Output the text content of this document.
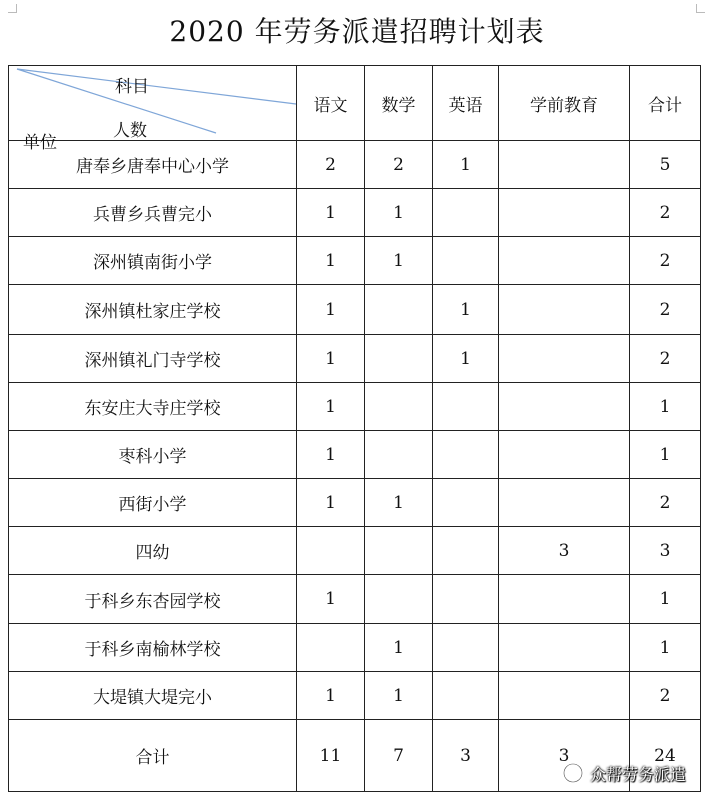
2020 年劳务派遣招聘计划表
科目
人数
单位	语文	数学	英语	学前教育	合计
唐奉乡唐奉中心小学	2	2	1		5
兵曹乡兵曹完小	1	1			2
深州镇南街小学	1	1			2
深州镇杜家庄学校	1		1		2
深州镇礼门寺学校	1		1		2
东安庄大寺庄学校	1				1
枣科小学	1				1
西街小学	1	1			2
四幼				3	3
于科乡东杏园学校	1				1
于科乡南榆林学校		1			1
大堤镇大堤完小	1	1			2
合计	11	7	3	3	24
众帮劳务派遣
